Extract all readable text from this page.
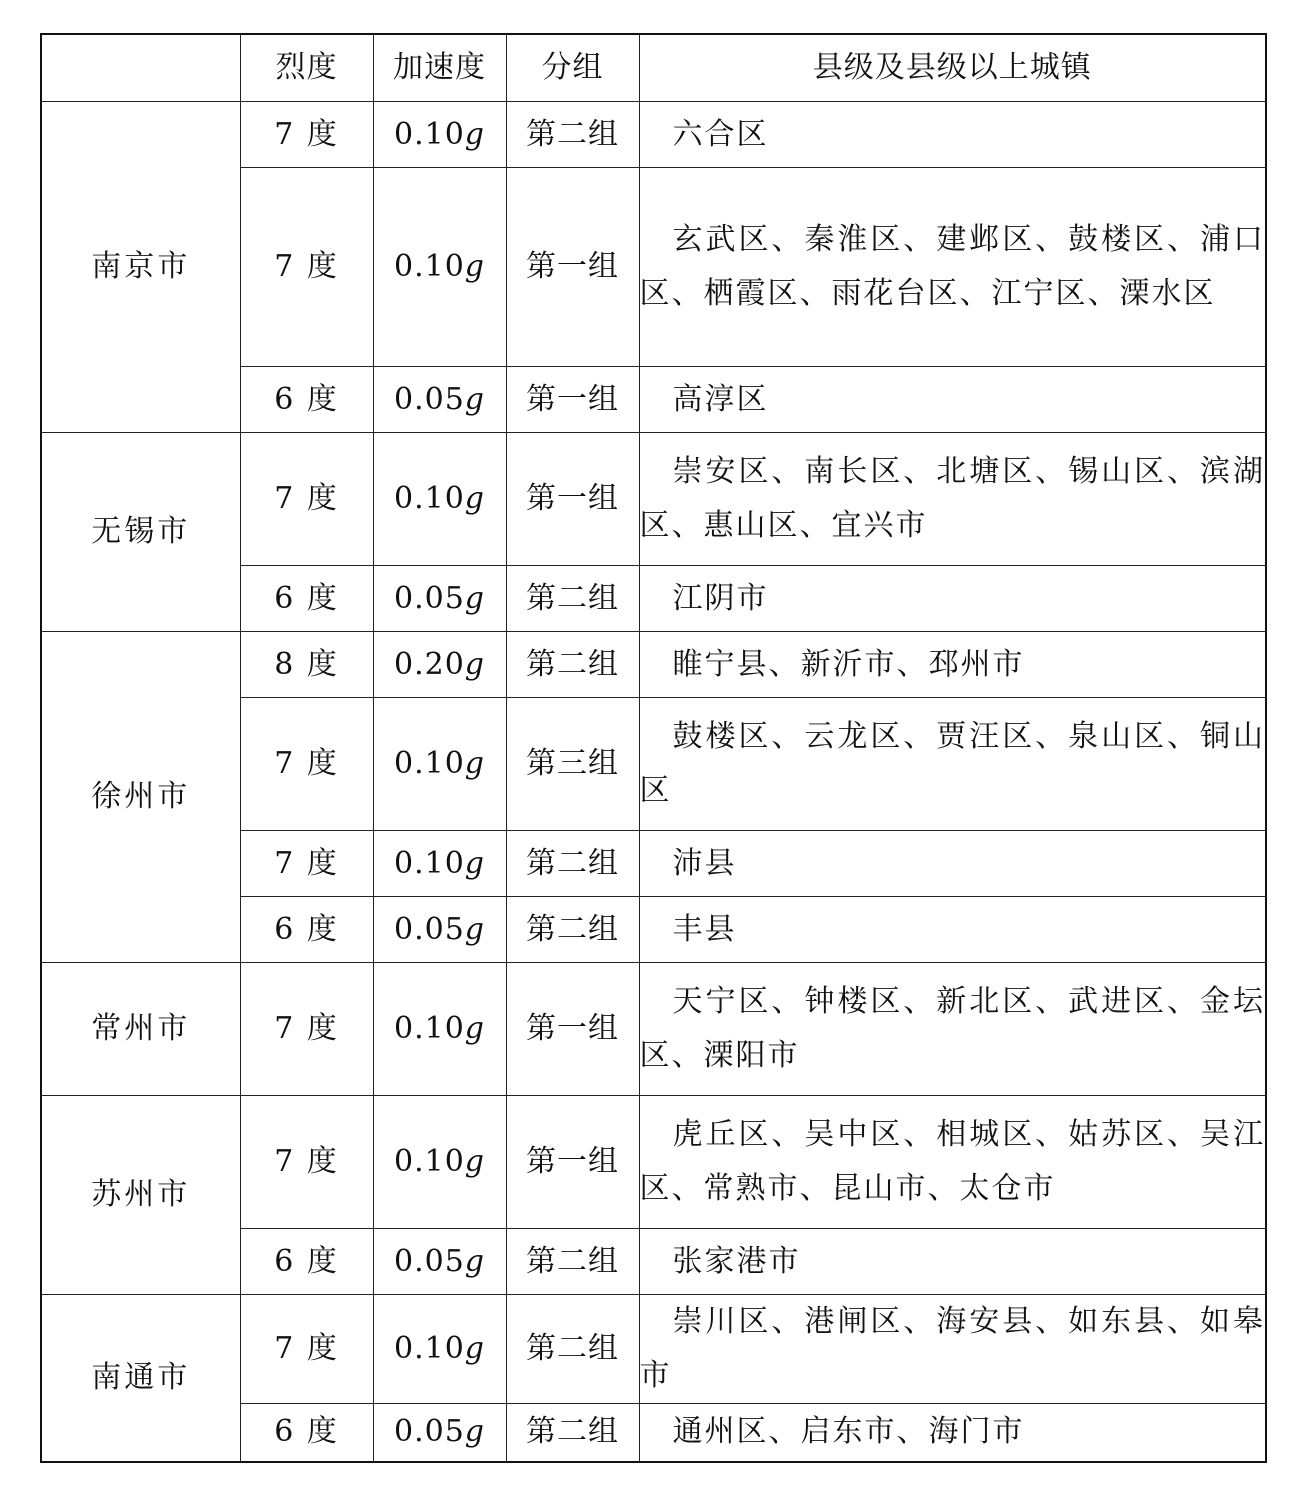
	烈度	加速度	分组	县级及县级以上城镇
南京市	7 度	0.10g	第二组	六合区
	7 度	0.10g	第一组	玄武区、秦淮区、建邺区、鼓楼区、浦口区、栖霞区、雨花台区、江宁区、溧水区
	6 度	0.05g	第一组	高淳区
无锡市	7 度	0.10g	第一组	崇安区、南长区、北塘区、锡山区、滨湖区、惠山区、宜兴市
	6 度	0.05g	第二组	江阴市
徐州市	8 度	0.20g	第二组	睢宁县、新沂市、邳州市
	7 度	0.10g	第三组	鼓楼区、云龙区、贾汪区、泉山区、铜山区
	7 度	0.10g	第二组	沛县
	6 度	0.05g	第二组	丰县
常州市	7 度	0.10g	第一组	天宁区、钟楼区、新北区、武进区、金坛区、溧阳市
苏州市	7 度	0.10g	第一组	虎丘区、吴中区、相城区、姑苏区、吴江区、常熟市、昆山市、太仓市
	6 度	0.05g	第二组	张家港市
南通市	7 度	0.10g	第二组	崇川区、港闸区、海安县、如东县、如皋市
	6 度	0.05g	第二组	通州区、启东市、海门市
